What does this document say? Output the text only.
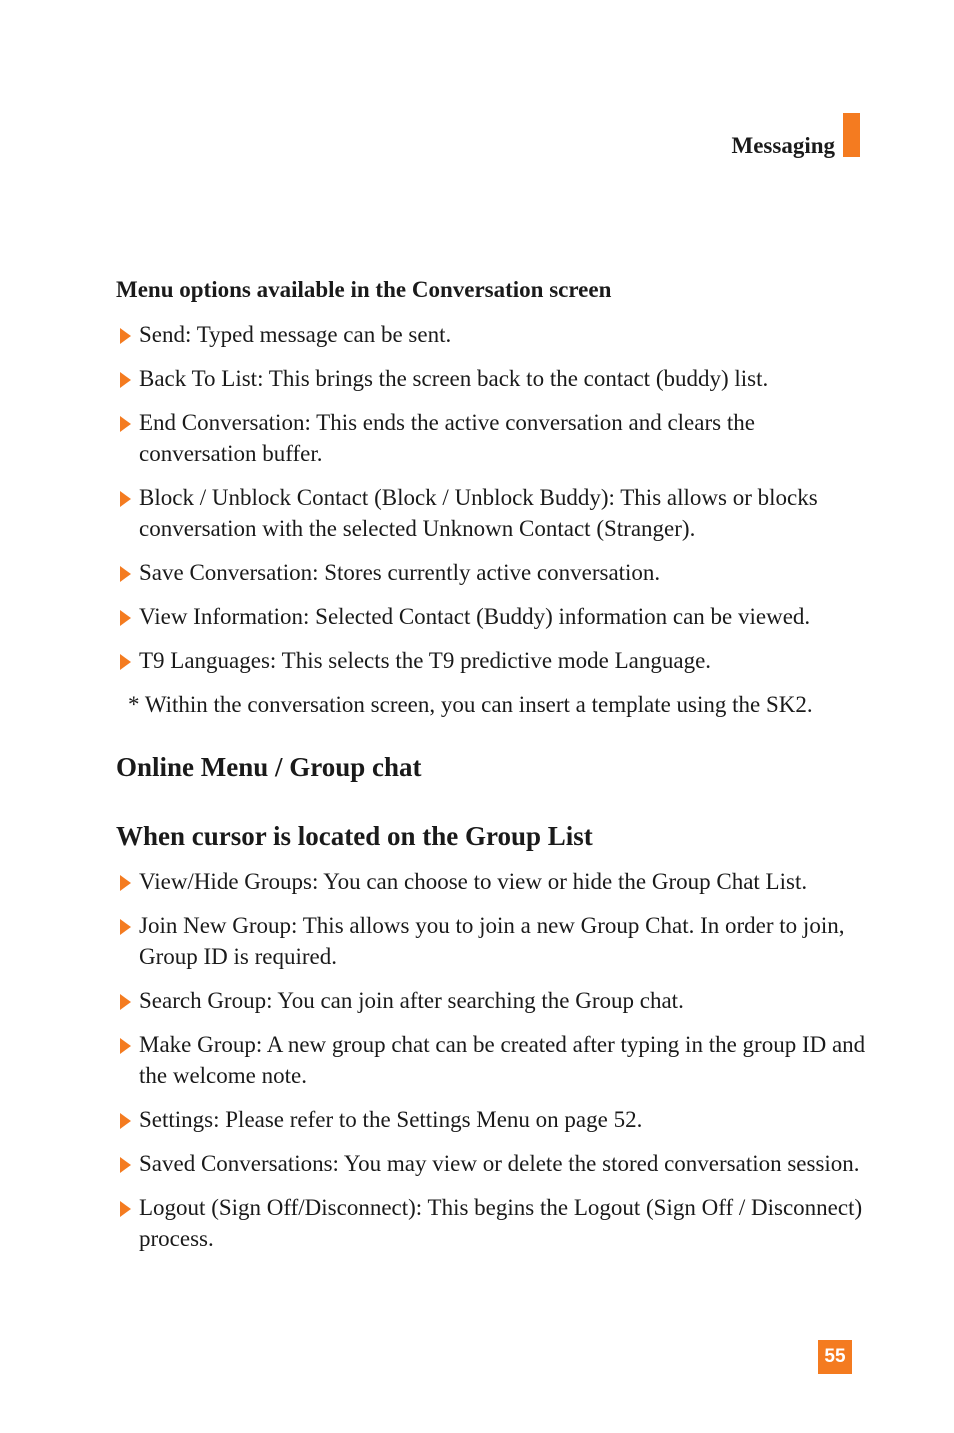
Messaging
Menu options available in the Conversation screen
Send: Typed message can be sent.
Back To List: This brings the screen back to the contact (buddy) list.
End Conversation: This ends the active conversation and clears the conversation buffer.
Block / Unblock Contact (Block / Unblock Buddy): This allows or blocks conversation with the selected Unknown Contact (Stranger).
Save Conversation: Stores currently active conversation.
View Information: Selected Contact (Buddy) information can be viewed.
T9 Languages: This selects the T9 predictive mode Language.

* Within the conversation screen, you can insert a template using the SK2.

Online Menu / Group chat
When cursor is located on the Group List
View/Hide Groups: You can choose to view or hide the Group Chat List.
Join New Group: This allows you to join a new Group Chat. In order to join, Group ID is required.
Search Group: You can join after searching the Group chat.
Make Group: A new group chat can be created after typing in the group ID and the welcome note.
Settings: Please refer to the Settings Menu on page 52.
Saved Conversations: You may view or delete the stored conversation session.
Logout (Sign Off/Disconnect): This begins the Logout (Sign Off / Disconnect) process.
55
